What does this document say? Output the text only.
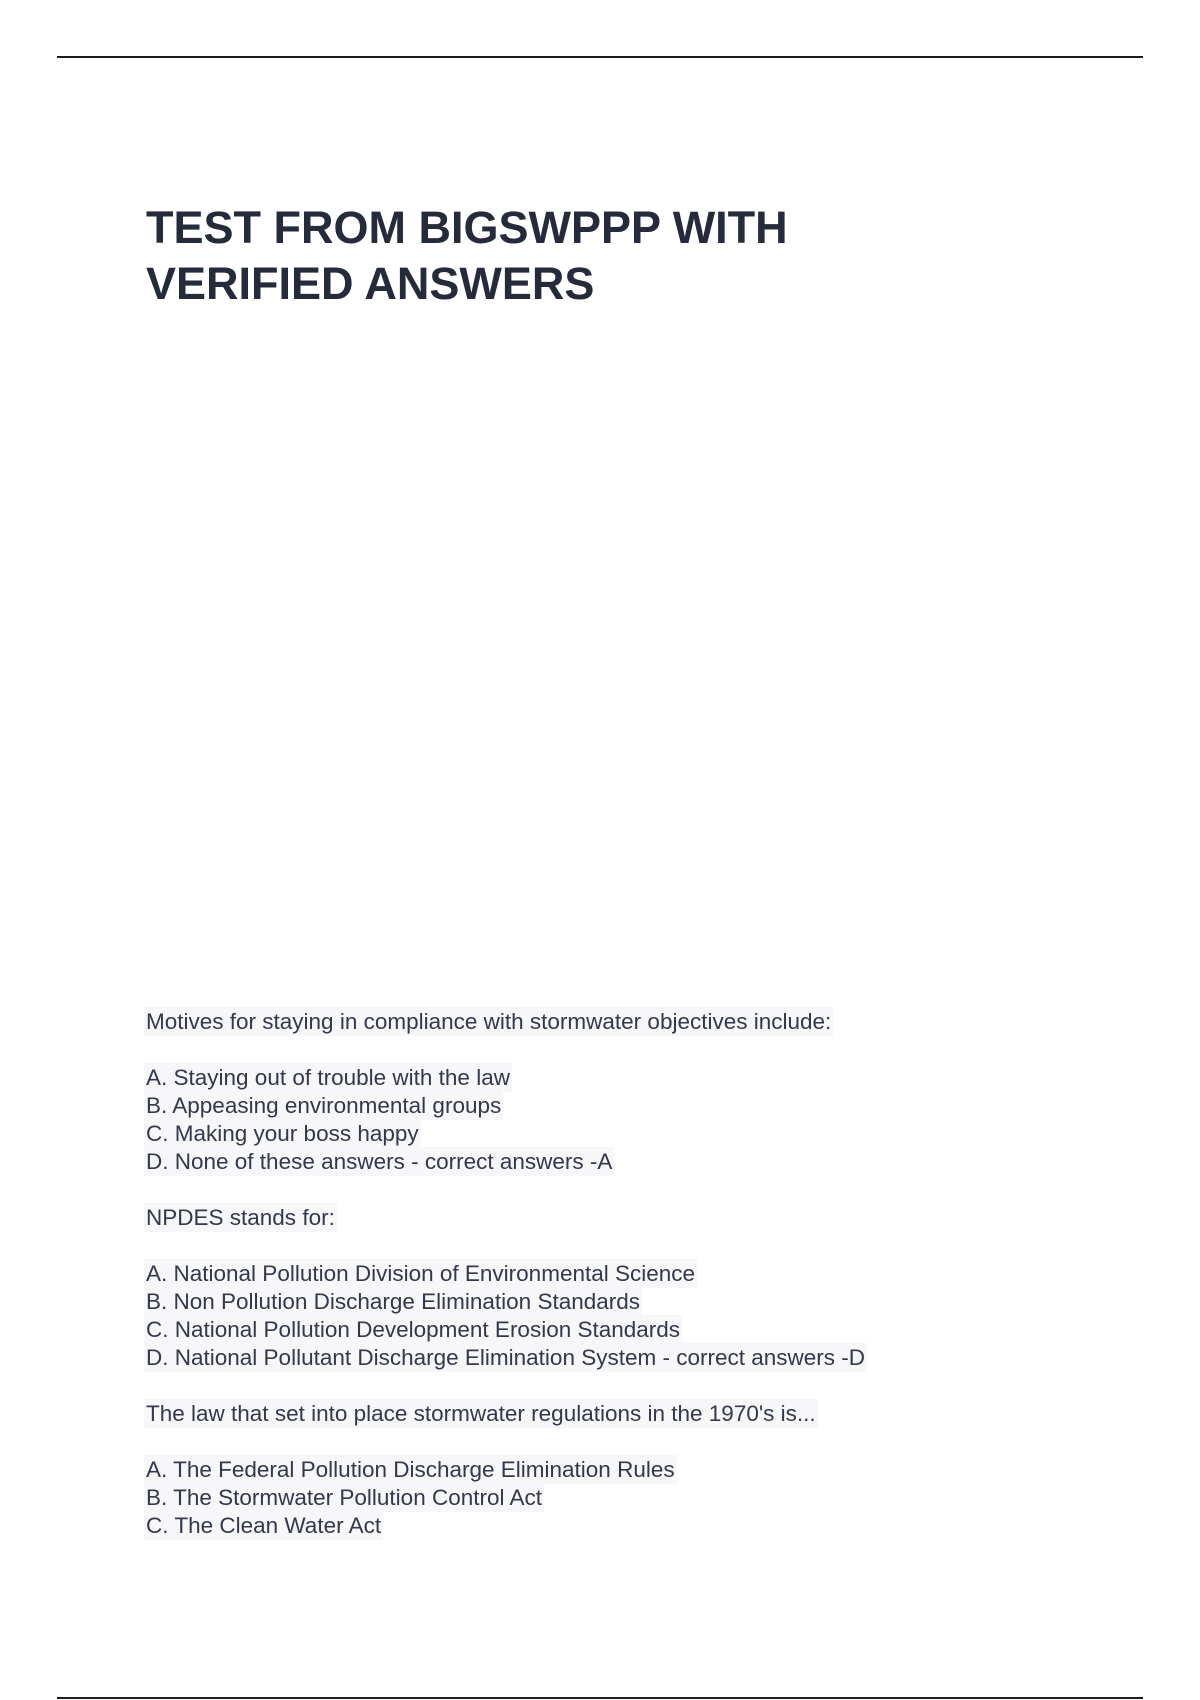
TEST FROM BIGSWPPP WITH
VERIFIED ANSWERS
Motives for staying in compliance with stormwater objectives include:
A. Staying out of trouble with the law
B. Appeasing environmental groups
C. Making your boss happy
D. None of these answers - correct answers -A
NPDES stands for:
A. National Pollution Division of Environmental Science
B. Non Pollution Discharge Elimination Standards
C. National Pollution Development Erosion Standards
D. National Pollutant Discharge Elimination System - correct answers -D
The law that set into place stormwater regulations in the 1970's is...
A. The Federal Pollution Discharge Elimination Rules
B. The Stormwater Pollution Control Act
C. The Clean Water Act
